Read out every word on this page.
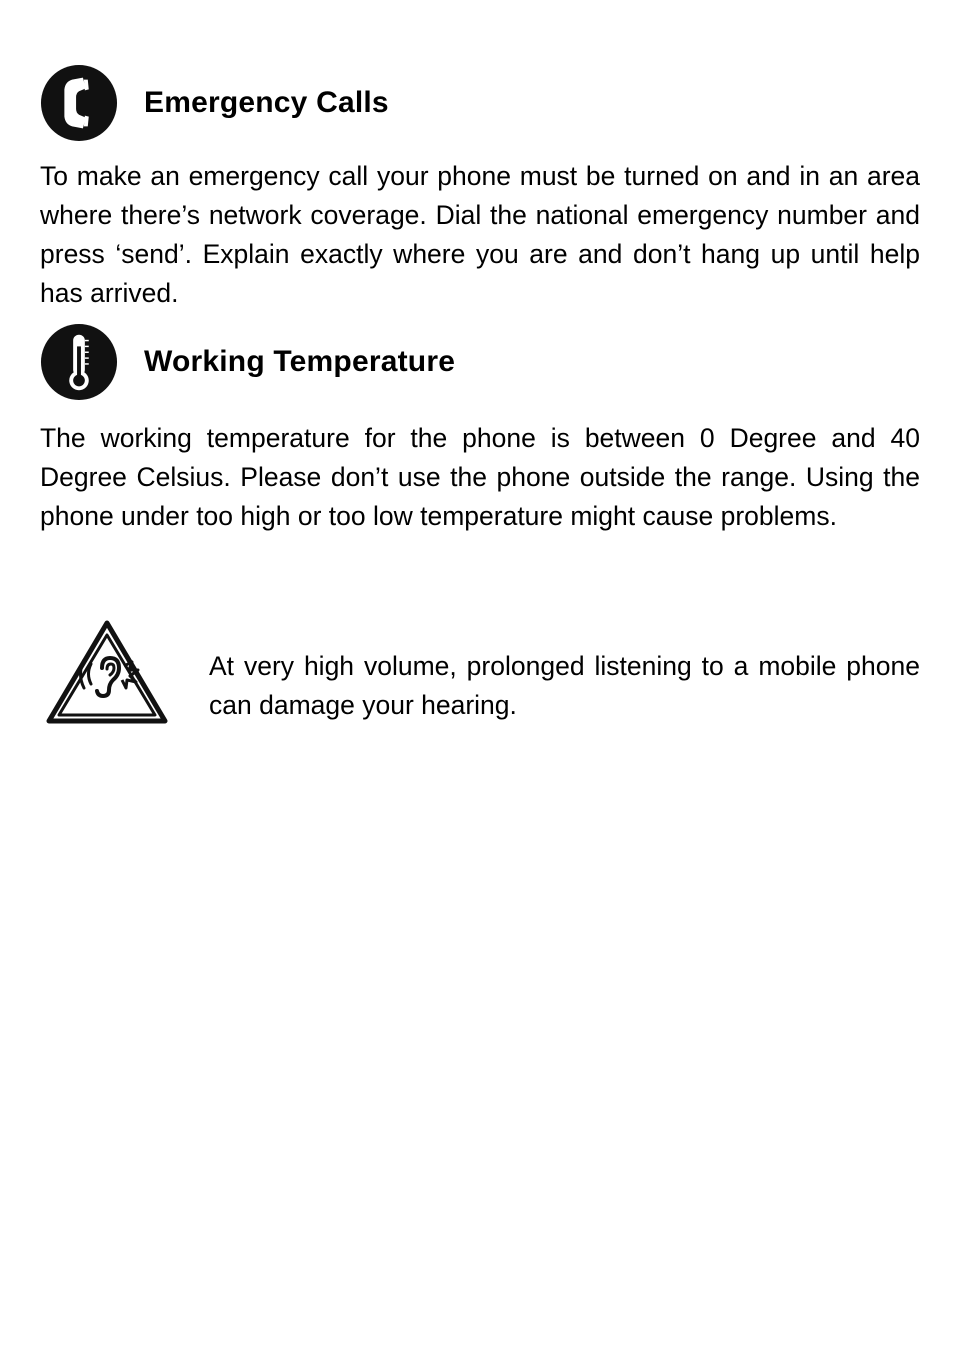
Emergency Calls

To make an emergency call your phone must be turned on and in an area where there’s network coverage. Dial the national emergency number and press ‘send’. Explain exactly where you are and don’t hang up until help has arrived.

Working Temperature

The working temperature for the phone is between 0 Degree and 40 Degree Celsius. Please don’t use the phone outside the range. Using the phone under too high or too low temperature might cause problems.

At very high volume, prolonged listening to a mobile phone can damage your hearing.
